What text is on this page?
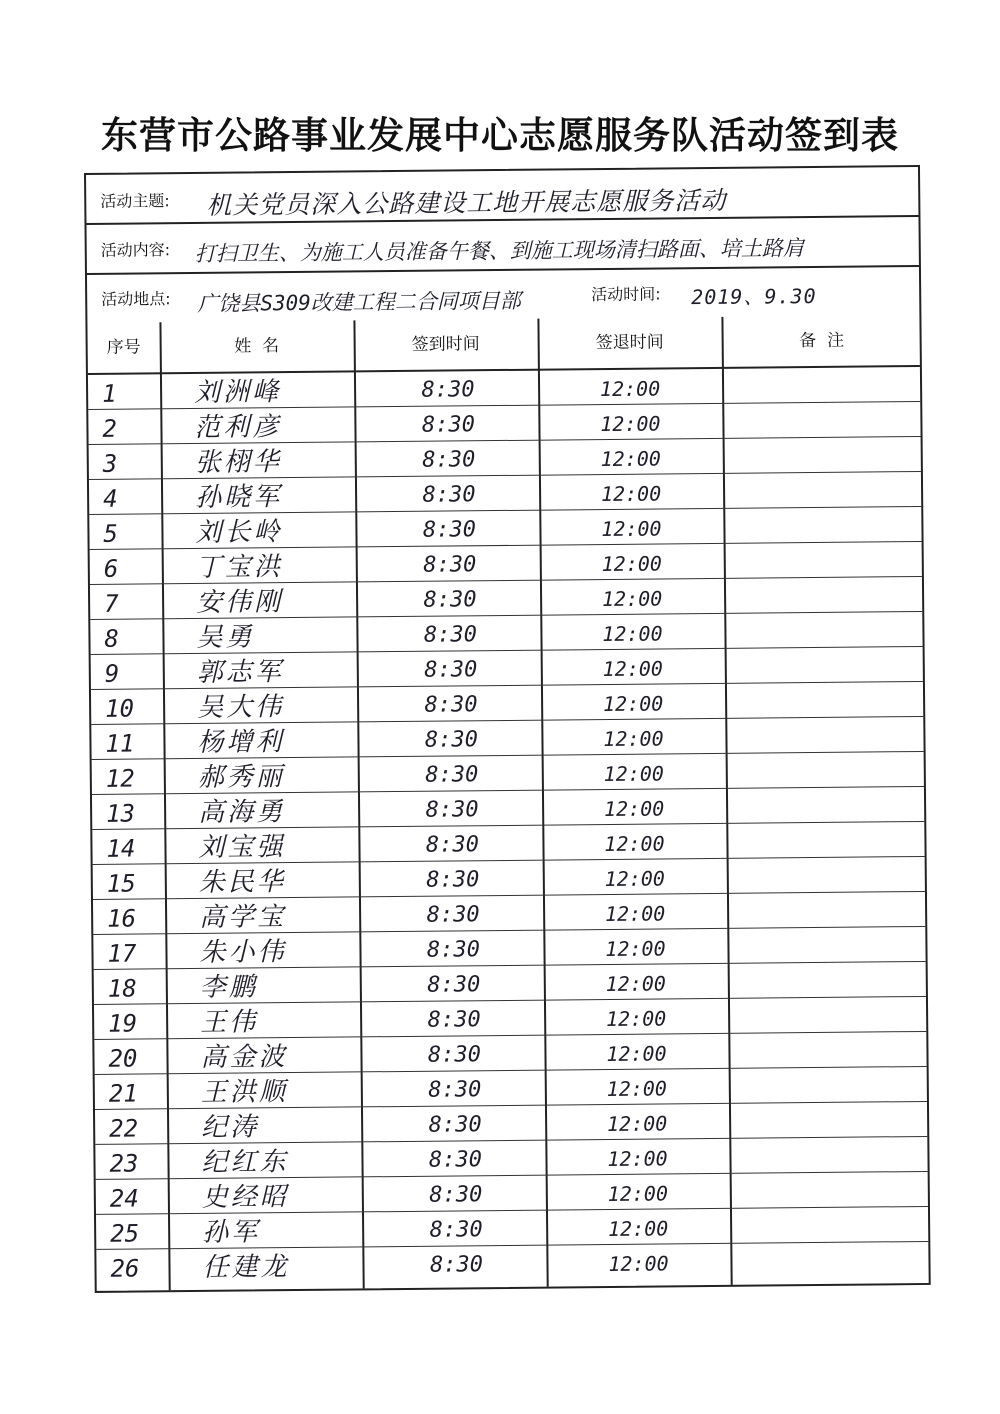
东营市公路事业发展中心志愿服务队活动签到表
活动主题: 机关党员深入公路建设工地开展志愿服务活动
活动内容: 打扫卫生、为施工人员准备午餐、到施工现场清扫路面、培土路肩
活动地点: 广饶县S309改建工程二合同项目部	活动时间: 2019、9.30
序号	姓  名	签到时间	签退时间	备  注
1	刘洲峰	8:30	12:00
2	范利彦	8:30	12:00
3	张栩华	8:30	12:00
4	孙晓军	8:30	12:00
5	刘长岭	8:30	12:00
6	丁宝洪	8:30	12:00
7	安伟刚	8:30	12:00
8	吴勇	8:30	12:00
9	郭志军	8:30	12:00
10	吴大伟	8:30	12:00
11	杨增利	8:30	12:00
12	郝秀丽	8:30	12:00
13	高海勇	8:30	12:00
14	刘宝强	8:30	12:00
15	朱民华	8:30	12:00
16	高学宝	8:30	12:00
17	朱小伟	8:30	12:00
18	李鹏	8:30	12:00
19	王伟	8:30	12:00
20	高金波	8:30	12:00
21	王洪顺	8:30	12:00
22	纪涛	8:30	12:00
23	纪红东	8:30	12:00
24	史经昭	8:30	12:00
25	孙军	8:30	12:00
26	任建龙	8:30	12:00
